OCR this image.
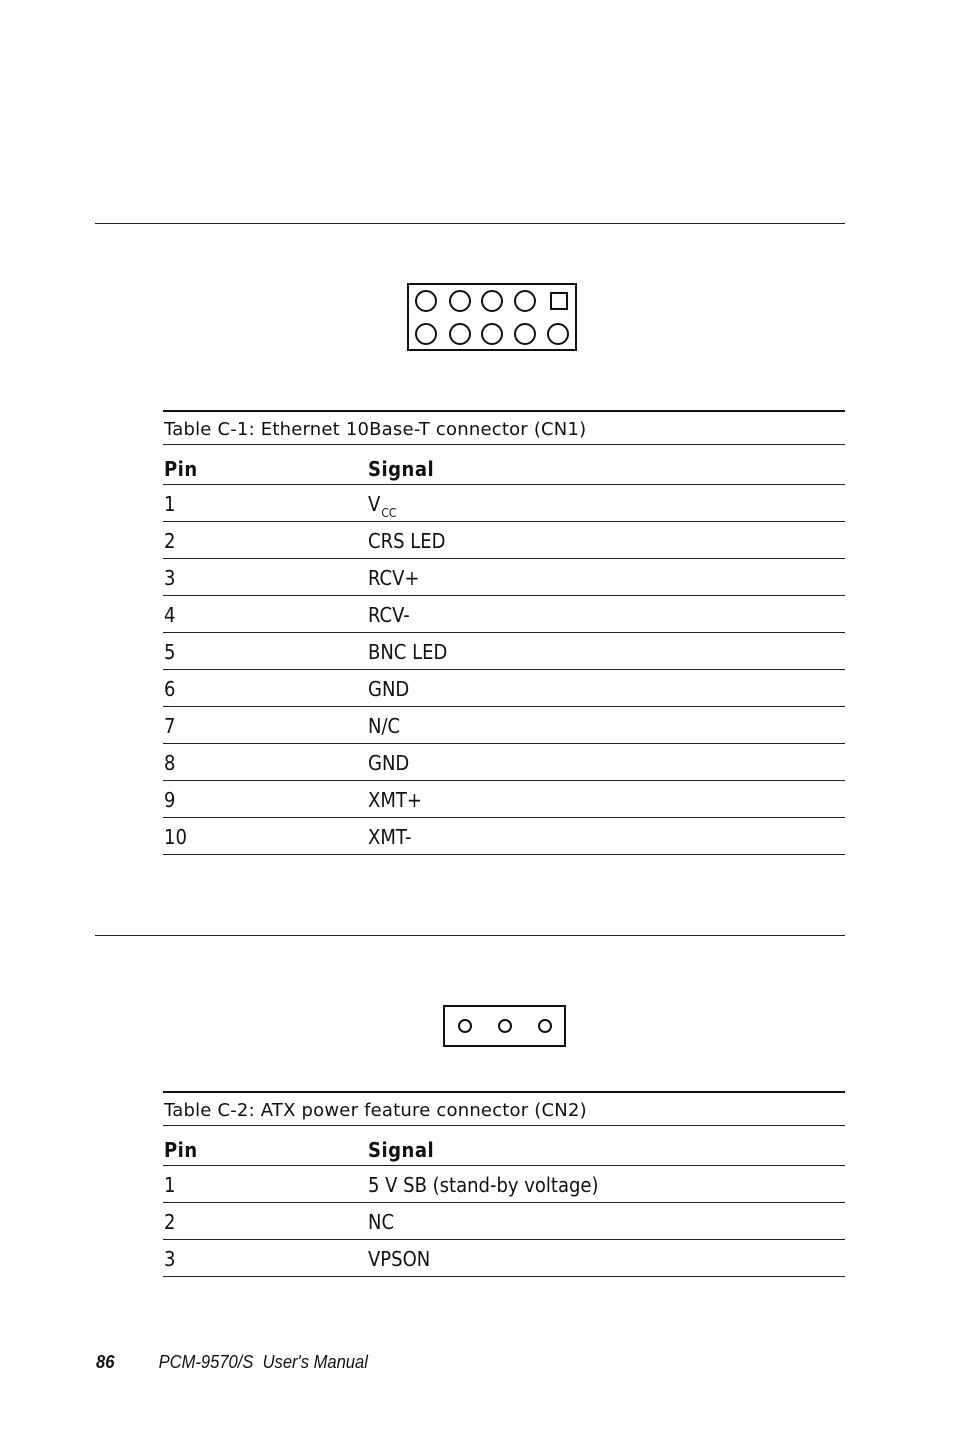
Table C-1: Ethernet 10Base-T connector (CN1)
Pin	Signal
1	$V_{CC}$
2	CRS LED
3	RCV+
4	RCV-
5	BNC LED
6	GND
7	N/C
8	GND
9	XMT+
10	XMT-
Table C-2: ATX power feature connector (CN2)
Pin	Signal
1	5 V SB (stand-by voltage)
2	NC
3	VPSON
86 PCM-9570/S  User's Manual
